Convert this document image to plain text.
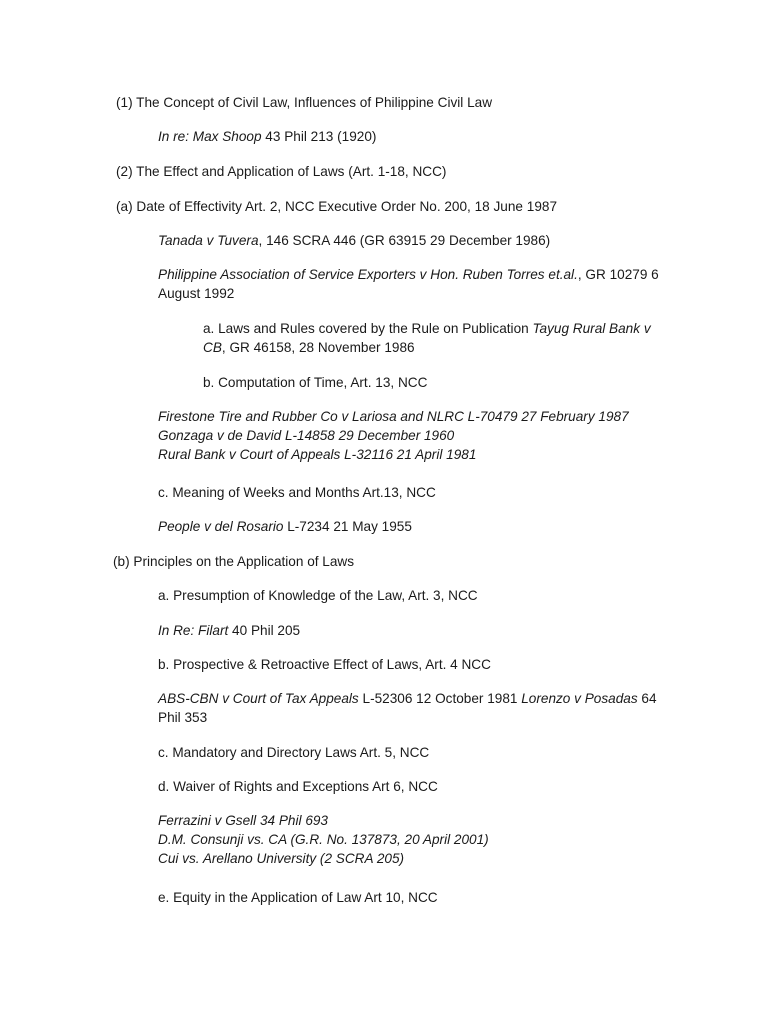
(1) The Concept of Civil Law, Influences of Philippine Civil Law
In re: Max Shoop 43 Phil 213 (1920)
(2) The Effect and Application of Laws (Art. 1-18, NCC)
(a) Date of Effectivity Art. 2, NCC Executive Order No. 200, 18 June 1987
Tanada v Tuvera, 146 SCRA 446 (GR 63915 29 December 1986)
Philippine Association of Service Exporters v Hon. Ruben Torres et.al., GR 10279 6
August 1992
a. Laws and Rules covered by the Rule on Publication Tayug Rural Bank v
CB, GR 46158, 28 November 1986
b. Computation of Time, Art. 13, NCC
Firestone Tire and Rubber Co v Lariosa and NLRC L-70479 27 February 1987
Gonzaga v de David L-14858 29 December 1960
Rural Bank v Court of Appeals L-32116 21 April 1981
c. Meaning of Weeks and Months Art.13, NCC
People v del Rosario L-7234 21 May 1955
(b) Principles on the Application of Laws
a. Presumption of Knowledge of the Law, Art. 3, NCC
In Re: Filart 40 Phil 205
b. Prospective & Retroactive Effect of Laws, Art. 4 NCC
ABS-CBN v Court of Tax Appeals L-52306 12 October 1981 Lorenzo v Posadas 64
Phil 353
c. Mandatory and Directory Laws Art. 5, NCC
d. Waiver of Rights and Exceptions Art 6, NCC
Ferrazini v Gsell 34 Phil 693
D.M. Consunji vs. CA (G.R. No. 137873, 20 April 2001)
Cui vs. Arellano University (2 SCRA 205)
e. Equity in the Application of Law Art 10, NCC
